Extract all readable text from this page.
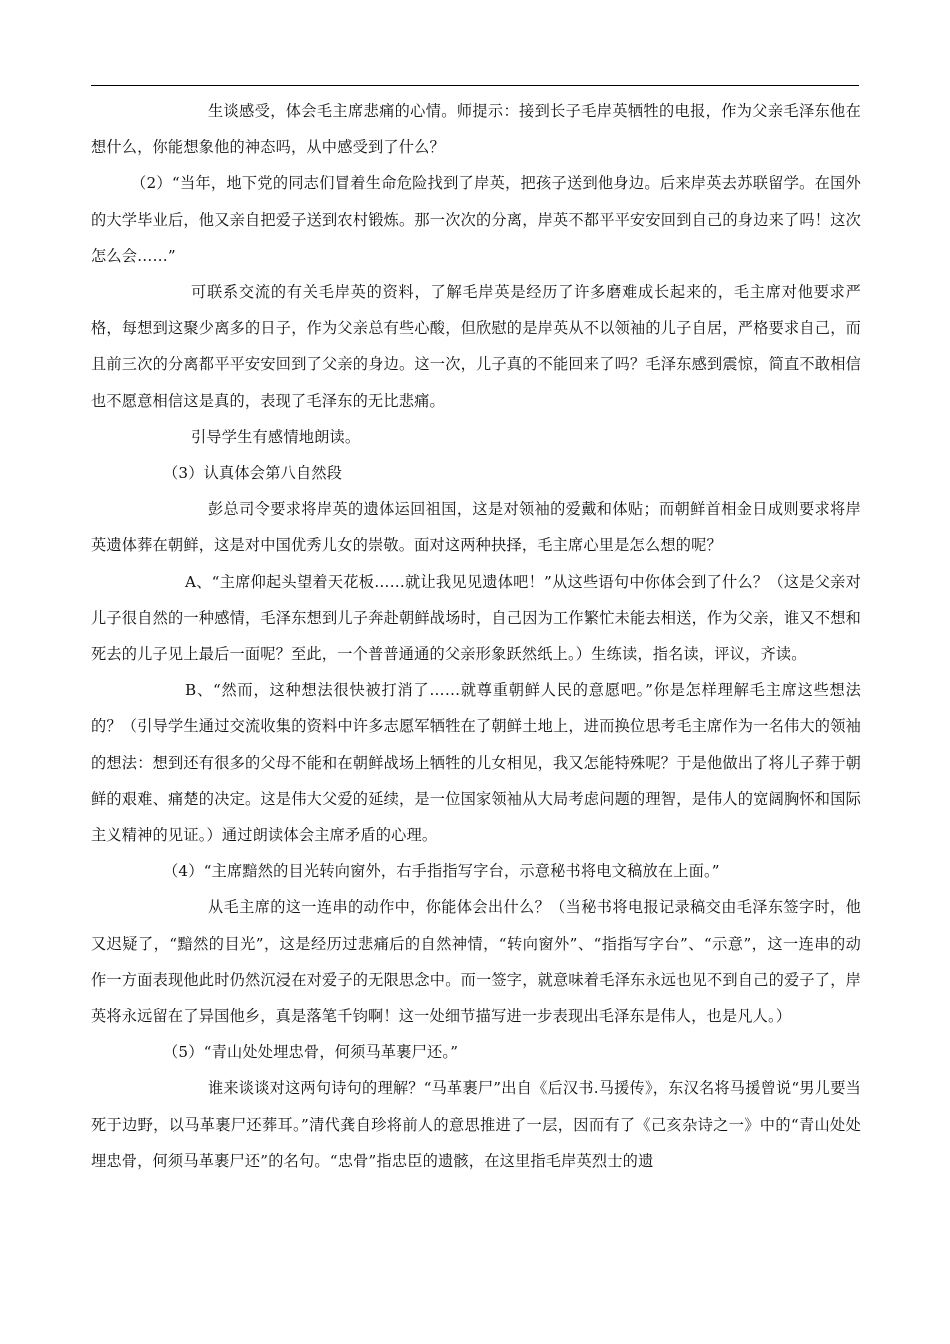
生谈感受，体会毛主席悲痛的心情。师提示：接到长子毛岸英牺牲的电报，作为父亲毛泽东他在想什么，你能想象他的神态吗，从中感受到了什么？

（2）“当年，地下党的同志们冒着生命危险找到了岸英，把孩子送到他身边。后来岸英去苏联留学。在国外的大学毕业后，他又亲自把爱子送到农村锻炼。那一次次的分离，岸英不都平平安安回到自己的身边来了吗！这次怎么会……”

可联系交流的有关毛岸英的资料，了解毛岸英是经历了许多磨难成长起来的，毛主席对他要求严格，每想到这聚少离多的日子，作为父亲总有些心酸，但欣慰的是岸英从不以领袖的儿子自居，严格要求自己，而且前三次的分离都平平安安回到了父亲的身边。这一次，儿子真的不能回来了吗？毛泽东感到震惊，简直不敢相信也不愿意相信这是真的，表现了毛泽东的无比悲痛。

引导学生有感情地朗读。

（3）认真体会第八自然段

彭总司令要求将岸英的遗体运回祖国，这是对领袖的爱戴和体贴；而朝鲜首相金日成则要求将岸英遗体葬在朝鲜，这是对中国优秀儿女的崇敬。面对这两种抉择，毛主席心里是怎么想的呢？

A、“主席仰起头望着天花板……就让我见见遗体吧！”从这些语句中你体会到了什么？（这是父亲对儿子很自然的一种感情，毛泽东想到儿子奔赴朝鲜战场时，自己因为工作繁忙未能去相送，作为父亲，谁又不想和死去的儿子见上最后一面呢？至此，一个普普通通的父亲形象跃然纸上。）生练读，指名读，评议，齐读。

B、“然而，这种想法很快被打消了……就尊重朝鲜人民的意愿吧。”你是怎样理解毛主席这些想法的？（引导学生通过交流收集的资料中许多志愿军牺牲在了朝鲜土地上，进而换位思考毛主席作为一名伟大的领袖的想法：想到还有很多的父母不能和在朝鲜战场上牺牲的儿女相见，我又怎能特殊呢？于是他做出了将儿子葬于朝鲜的艰难、痛楚的决定。这是伟大父爱的延续，是一位国家领袖从大局考虑问题的理智，是伟人的宽阔胸怀和国际主义精神的见证。）通过朗读体会主席矛盾的心理。

（4）“主席黯然的目光转向窗外，右手指指写字台，示意秘书将电文稿放在上面。”

从毛主席的这一连串的动作中，你能体会出什么？（当秘书将电报记录稿交由毛泽东签字时，他又迟疑了，“黯然的目光”，这是经历过悲痛后的自然神情，“转向窗外”、“指指写字台”、“示意”，这一连串的动作一方面表现他此时仍然沉浸在对爱子的无限思念中。而一签字，就意味着毛泽东永远也见不到自己的爱子了，岸英将永远留在了异国他乡，真是落笔千钧啊！这一处细节描写进一步表现出毛泽东是伟人，也是凡人。）

（5）“青山处处埋忠骨，何须马革裹尸还。”

谁来谈谈对这两句诗句的理解？“马革裹尸”出自《后汉书.马援传》，东汉名将马援曾说“男儿要当死于边野，以马革裹尸还葬耳。”清代龚自珍将前人的意思推进了一层，因而有了《己亥杂诗之一》中的“青山处处埋忠骨，何须马革裹尸还”的名句。“忠骨”指忠臣的遗骸，在这里指毛岸英烈士的遗
